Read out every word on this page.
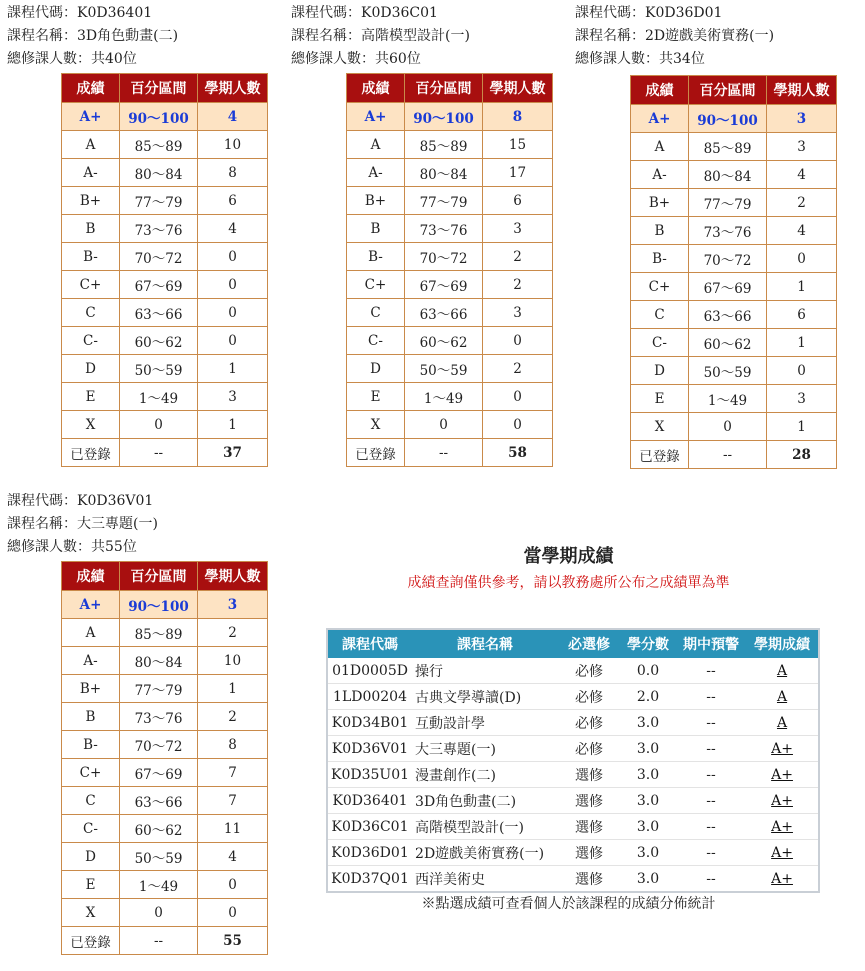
課程代碼：K0D36401
課程名稱：3D角色動畫(二)
總修課人數：共40位
成績	百分區間	學期人數
A+	90～100	4
A	85～89	10
A-	80～84	8
B+	77～79	6
B	73～76	4
B-	70～72	0
C+	67～69	0
C	63～66	0
C-	60～62	0
D	50～59	1
E	1～49	3
X	0	1
已登錄	--	37
課程代碼：K0D36C01
課程名稱：高階模型設計(一)
總修課人數：共60位
成績	百分區間	學期人數
A+	90～100	8
A	85～89	15
A-	80～84	17
B+	77～79	6
B	73～76	3
B-	70～72	2
C+	67～69	2
C	63～66	3
C-	60～62	0
D	50～59	2
E	1～49	0
X	0	0
已登錄	--	58
課程代碼：K0D36D01
課程名稱：2D遊戲美術實務(一)
總修課人數：共34位
成績	百分區間	學期人數
A+	90～100	3
A	85～89	3
A-	80～84	4
B+	77～79	2
B	73～76	4
B-	70～72	0
C+	67～69	1
C	63～66	6
C-	60～62	1
D	50～59	0
E	1～49	3
X	0	1
已登錄	--	28
課程代碼：K0D36V01
課程名稱：大三專題(一)
總修課人數：共55位
成績	百分區間	學期人數
A+	90～100	3
A	85～89	2
A-	80～84	10
B+	77～79	1
B	73～76	2
B-	70～72	8
C+	67～69	7
C	63～66	7
C-	60～62	11
D	50～59	4
E	1～49	0
X	0	0
已登錄	--	55
當學期成績
成績查詢僅供參考，請以教務處所公布之成績單為準
課程代碼	課程名稱	必選修	學分數	期中預警	學期成績
01D0005D	操行	必修	0.0	--	A
1LD00204	古典文學導讀(D)	必修	2.0	--	A
K0D34B01	互動設計學	必修	3.0	--	A
K0D36V01	大三專題(一)	必修	3.0	--	A+
K0D35U01	漫畫創作(二)	選修	3.0	--	A+
K0D36401	3D角色動畫(二)	選修	3.0	--	A+
K0D36C01	高階模型設計(一)	選修	3.0	--	A+
K0D36D01	2D遊戲美術實務(一)	選修	3.0	--	A+
K0D37Q01	西洋美術史	選修	3.0	--	A+
※點選成績可查看個人於該課程的成績分佈統計
